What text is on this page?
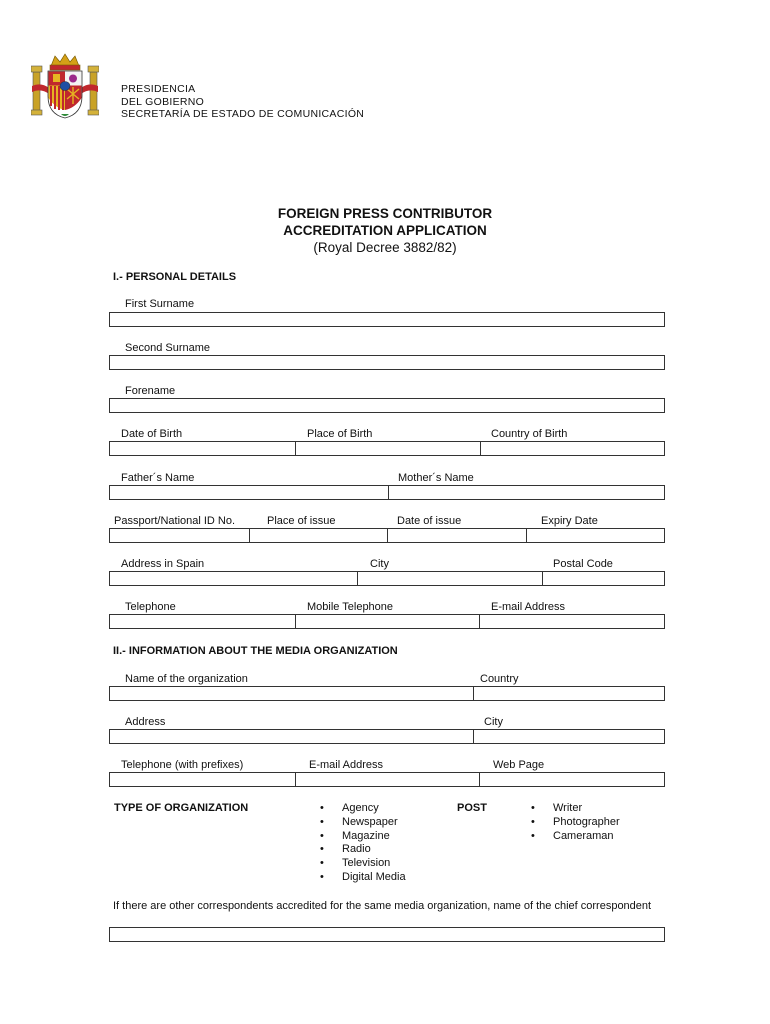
PRESIDENCIA
DEL GOBIERNO
SECRETARÍA DE ESTADO DE COMUNICACIÓN
FOREIGN PRESS CONTRIBUTOR
ACCREDITATION APPLICATION
(Royal Decree 3882/82)
I.- PERSONAL DETAILS
First Surname
Second Surname
Forename
Date of Birth	Place of Birth	Country of Birth
Father´s Name	Mother´s Name
Passport/National ID No.	Place of issue	Date of issue	Expiry Date
Address in Spain	City	Postal Code
Telephone	Mobile Telephone	E-mail Address
II.- INFORMATION ABOUT THE MEDIA ORGANIZATION
Name of the organization	Country
Address	City
Telephone (with prefixes)	E-mail Address	Web Page
TYPE OF ORGANIZATION	• Agency
• Newspaper
• Magazine
• Radio
• Television
• Digital Media
POST	• Writer
• Photographer
• Cameraman
If there are other correspondents accredited for the same media organization, name of the chief correspondent
